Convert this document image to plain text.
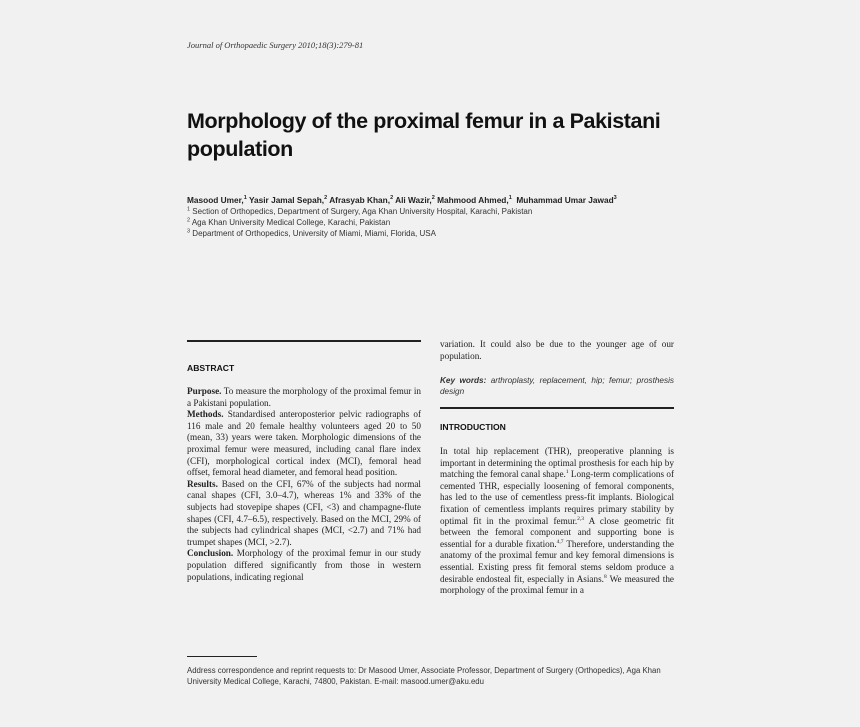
Journal of Orthopaedic Surgery 2010;18(3):279-81
Morphology of the proximal femur in a Pakistani population
Masood Umer,$^1$ Yasir Jamal Sepah,$^2$ Afrasyab Khan,$^2$ Ali Wazir,$^2$ Mahmood Ahmed,$^1$ Muhammad Umar Jawad$^3$
$^1$ Section of Orthopedics, Department of Surgery, Aga Khan University Hospital, Karachi, Pakistan
$^2$ Aga Khan University Medical College, Karachi, Pakistan
$^3$ Department of Orthopedics, University of Miami, Miami, Florida, USA
ABSTRACT

Purpose. To measure the morphology of the proximal femur in a Pakistani population.

Methods. Standardised anteroposterior pelvic radiographs of 116 male and 20 female healthy volunteers aged 20 to 50 (mean, 33) years were taken. Morphologic dimensions of the proximal femur were measured, including canal flare index (CFI), morphological cortical index (MCI), femoral head offset, femoral head diameter, and femoral head position.

Results. Based on the CFI, 67% of the subjects had normal canal shapes (CFI, 3.0–4.7), whereas 1% and 33% of the subjects had stovepipe shapes (CFI, <3) and champagne-flute shapes (CFI, 4.7–6.5), respectively. Based on the MCI, 29% of the subjects had cylindrical shapes (MCI, <2.7) and 71% had trumpet shapes (MCI, >2.7).

Conclusion. Morphology of the proximal femur in our study population differed significantly from those in western populations, indicating regional

variation. It could also be due to the younger age of our population.

Key words: arthroplasty, replacement, hip; femur; prosthesis design
INTRODUCTION

In total hip replacement (THR), preoperative planning is important in determining the optimal prosthesis for each hip by matching the femoral canal shape.$^1$ Long-term complications of cemented THR, especially loosening of femoral components, has led to the use of cementless press-fit implants. Biological fixation of cementless implants requires primary stability by optimal fit in the proximal femur.$^{2,3}$ A close geometric fit between the femoral component and supporting bone is essential for a durable fixation.$^{4,7}$ Therefore, understanding the anatomy of the proximal femur and key femoral dimensions is essential. Existing press fit femoral stems seldom produce a desirable endosteal fit, especially in Asians.$^8$ We measured the morphology of the proximal femur in a

Address correspondence and reprint requests to: Dr Masood Umer, Associate Professor, Department of Surgery (Orthopedics), Aga Khan University Medical College, Karachi, 74800, Pakistan. E-mail: masood.umer@aku.edu
